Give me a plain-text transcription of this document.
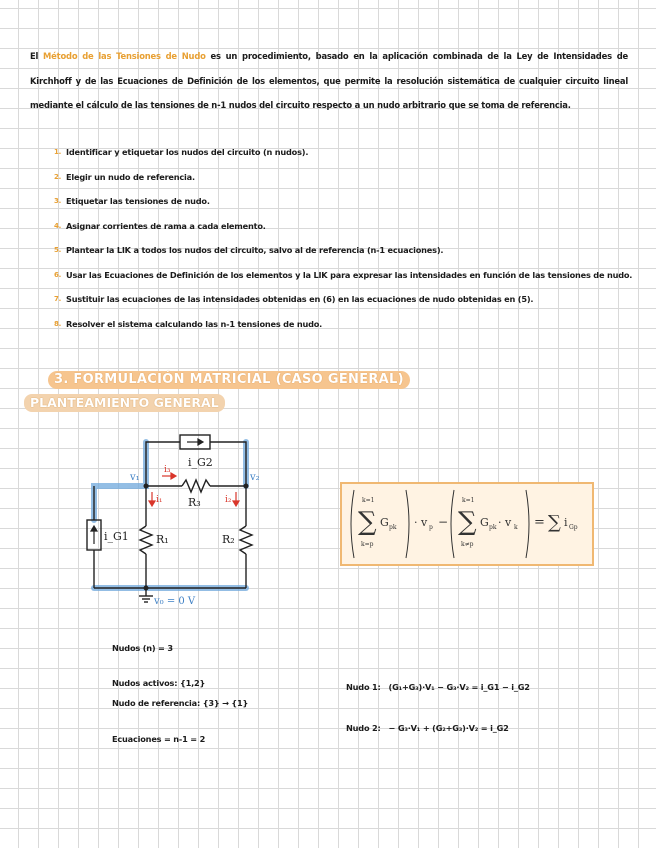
El Método de las Tensiones de Nudo es un procedimiento, basado en la aplicación combinada de la Ley de Intensidades de Kirchhoff y de las Ecuaciones de Definición de los elementos, que permite la resolución sistemática de cualquier circuito lineal mediante el cálculo de las tensiones de n-1 nudos del circuito respecto a un nudo arbitrario que se toma de referencia.
1. Identificar y etiquetar los nudos del circuito (n nudos).
2. Elegir un nudo de referencia.
3. Etiquetar las tensiones de nudo.
4. Asignar corrientes de rama a cada elemento.
5. Plantear la LIK a todos los nudos del circuito, salvo al de referencia (n-1 ecuaciones).
6. Usar las Ecuaciones de Definición de los elementos y la LIK para expresar las intensidades en función de las tensiones de nudo.
7. Sustituir las ecuaciones de las intensidades obtenidas en (6) en las ecuaciones de nudo obtenidas en (5).
8. Resolver el sistema calculando las n-1 tensiones de nudo.
3. FORMULACIÓN MATRICIAL (CASO GENERAL)
PLANTEAMIENTO GENERAL
i_G2
R₃
R₁	R₂
i_G1
v₁	v₂
v₀ = 0 V
i₃
i₁	i₂
∑
k=1
k=p
G pk · v p − ∑
k=1
k≠p
G pk · v k = ∑ i Gp
Nudos (n) = 3
Nudos activos: {1,2}
Nudo de referencia: {3} → {1}
Ecuaciones = n-1 = 2
Nudo 1: (G₁+G₃)·V₁ − G₃·V₂ = i_G1 − i_G2
Nudo 2: − G₃·V₁ + (G₂+G₃)·V₂ = i_G2
